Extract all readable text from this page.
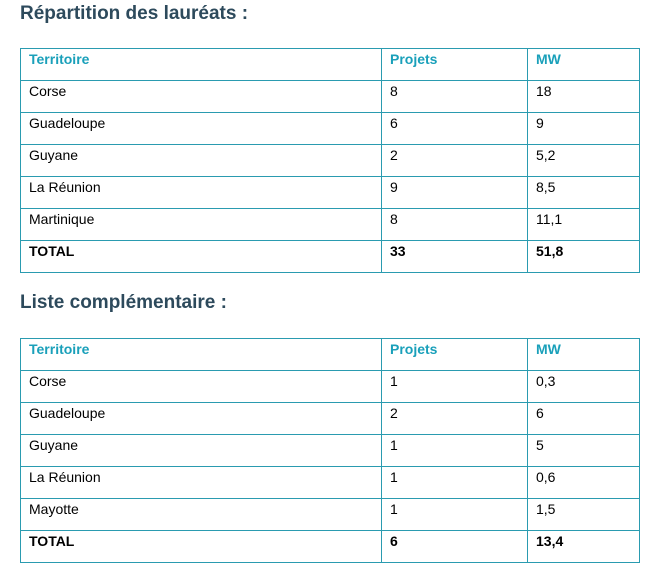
Répartition des lauréats :
Territoire	Projets	MW
Corse	8	18
Guadeloupe	6	9
Guyane	2	5,2
La Réunion	9	8,5
Martinique	8	11,1
TOTAL	33	51,8
Liste complémentaire :
Territoire	Projets	MW
Corse	1	0,3
Guadeloupe	2	6
Guyane	1	5
La Réunion	1	0,6
Mayotte	1	1,5
TOTAL	6	13,4
